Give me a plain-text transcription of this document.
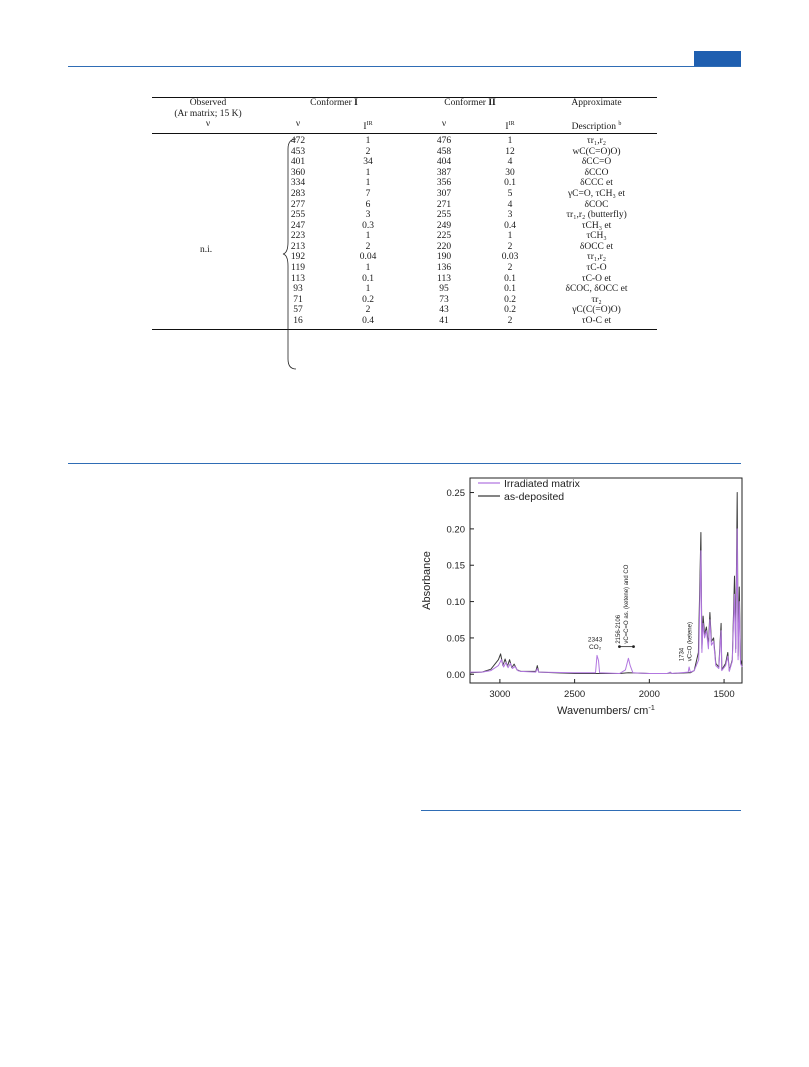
Observed	Conformer I		Conformer II		Approximate
(Ar matrix; 15 K)					
ν	ν	$I^{IR}$	ν	$I^{IR}$	Description $^b$
	472	1	476	1	τr₁,r₂
	453	2	458	12	wC(C=O)O)
	401	34	404	4	δCC=O
	360	1	387	30	δCCO
	334	1	356	0.1	δCCC et
	283	7	307	5	γC=O, τCH₃ et
	277	6	271	4	δCOC
	255	3	255	3	τr₁,r₂ (butterfly)
	247	0.3	249	0.4	τCH₃ et
	223	1	225	1	τCH₃
	213	2	220	2	δOCC et
	192	0.04	190	0.03	τr₁,r₂
	119	1	136	2	τC-O
	113	0.1	113	0.1	τC-O et
	93	1	95	0.1	δCOC, δOCC et
	71	0.2	73	0.2	τr₂
	57	2	43	0.2	γC(C(=O)O)
	16	0.4	41	2	τO-C et
n.i.
0.00
0.05
0.10
0.15
0.20
0.25
3000	2500	2000	1500
Wavenumbers/ $cm^{-1}$
Absorbance
Irradiated matrix
as-deposited
2343
CO₂
2156-2106 νC=C=O as. (ketene) and CO
1734 νC=O (ketene)
